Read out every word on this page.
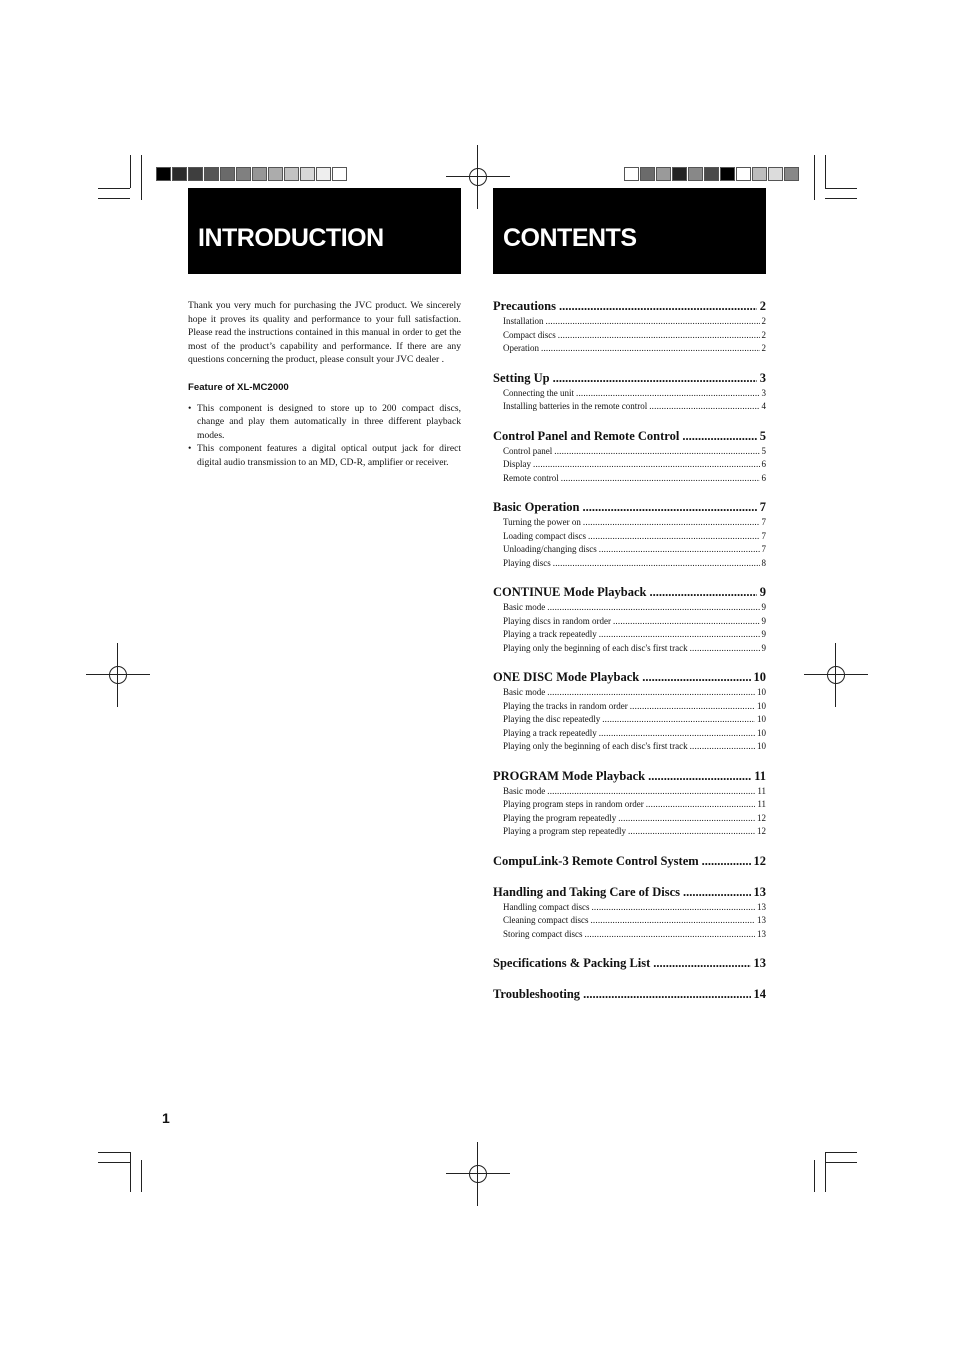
INTRODUCTION	CONTENTS

Thank you very much for purchasing the JVC product. We sincerely hope it proves its quality and performance to your full satisfaction. Please read the instructions contained in this manual in order to get the most of the product’s capability and performance. If there are any questions concerning the product, please consult your JVC dealer .

Feature of XL-MC2000
• This component is designed to store up to 200 compact discs, change and play them automatically in three different playback modes.
• This component features a digital optical output jack for direct digital audio transmission to an MD, CD-R, amplifier or receiver.
Precautions .....	2
Installation .....	2
Compact discs .....	2
Operation .....	2
Setting Up .....	3
Connecting the unit .....	3
Installing batteries in the remote control .....	4
Control Panel and Remote Control .....	5
Control panel .....	5
Display .....	6
Remote control .....	6
Basic Operation .....	7
Turning the power on .....	7
Loading compact discs .....	7
Unloading/changing discs .....	7
Playing discs .....	8
CONTINUE Mode Playback .....	9
Basic mode .....	9
Playing discs in random order .....	9
Playing a track repeatedly .....	9
Playing only the beginning of each disc's first track .....	9
ONE DISC Mode Playback .....	10
Basic mode .....	10
Playing the tracks in random order .....	10
Playing the disc repeatedly .....	10
Playing a track repeatedly .....	10
Playing only the beginning of each disc's first track .....	10
PROGRAM Mode Playback .....	11
Basic mode .....	11
Playing program steps in random order .....	11
Playing the program repeatedly .....	12
Playing a program step repeatedly .....	12
CompuLink-3 Remote Control System .....	12
Handling and Taking Care of Discs .....	13
Handling compact discs .....	13
Cleaning compact discs .....	13
Storing compact discs .....	13
Specifications & Packing List .....	13
Troubleshooting .....	14
1
